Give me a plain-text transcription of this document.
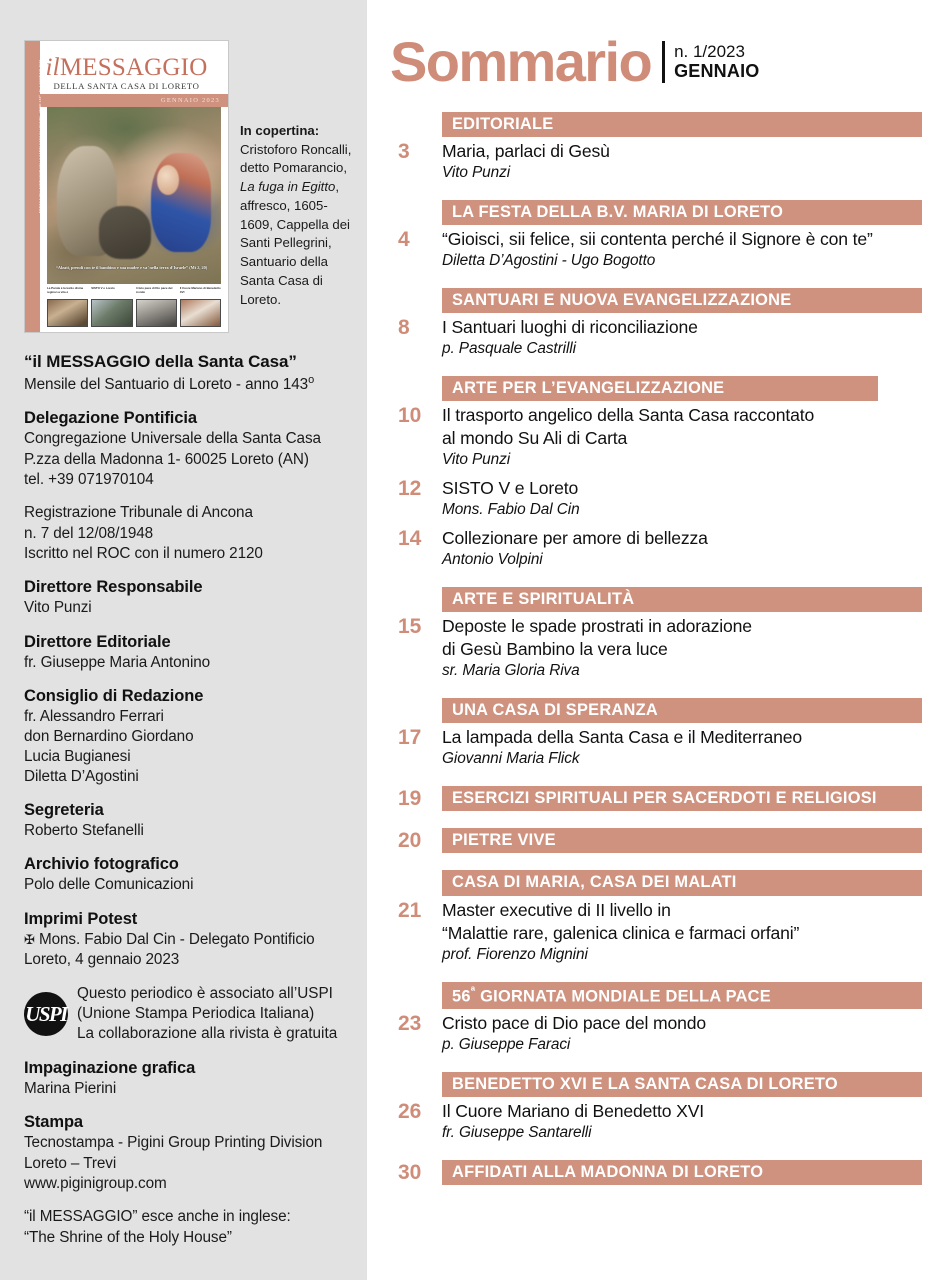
MENSILE DEL SANTUARIO DELLA SANTA CASA DI LORETO · ANNO 143º · N. 1 GENNAIO 2023 ilMESSAGGIO
DELLA SANTA CASA DI LORETO
GENNAIO 2023
“Alzati, prendi con te il bambino e sua madre e va’ nella terra d’Israele” (Mt 2, 20)
La Parola è la lectio divina regina La vita è
SISTO V e Loreto	Cristo pace di Dio pace del mondo
Il Cuore Mariano di Benedetto XVI
In copertina: Cristoforo Roncalli, detto Pomarancio, La fuga in Egitto, affresco, 1605-1609, Cappella dei Santi Pellegrini, Santuario della Santa Casa di Loreto.
“il MESSAGGIO della Santa Casa”
Mensile del Santuario di Loreto - anno 143$^o$
Delegazione Pontificia
Congregazione Universale della Santa Casa
P.zza della Madonna 1- 60025 Loreto (AN)
tel. +39 071970104
Registrazione Tribunale di Ancona
n. 7 del 12/08/1948
Iscritto nel ROC con il numero 2120
Direttore Responsabile
Vito Punzi
Direttore Editoriale
fr. Giuseppe Maria Antonino
Consiglio di Redazione
fr. Alessandro Ferrari
don Bernardino Giordano
Lucia Bugianesi
Diletta D’Agostini
Segreteria
Roberto Stefanelli
Archivio fotografico
Polo delle Comunicazioni
Imprimi Potest
✠ Mons. Fabio Dal Cin - Delegato Pontificio
Loreto, 4 gennaio 2023
USPI
Questo periodico è associato all’USPI
(Unione Stampa Periodica Italiana)
La collaborazione alla rivista è gratuita
Impaginazione grafica
Marina Pierini
Stampa
Tecnostampa - Pigini Group Printing Division
Loreto – Trevi
www.piginigroup.com
“il MESSAGGIO” esce anche in inglese:
“The Shrine of the Holy House”
Sommario n. 1/2023
GENNAIO
EDITORIALE
3	Maria, parlaci di Gesù
Vito Punzi
LA FESTA DELLA B.V. MARIA DI LORETO
4	“Gioisci, sii felice, sii contenta perché il Signore è con te”
Diletta D’Agostini - Ugo Bogotto
SANTUARI E NUOVA EVANGELIZZAZIONE
8	I Santuari luoghi di riconciliazione
p. Pasquale Castrilli
ARTE PER L’EVANGELIZZAZIONE
10	Il trasporto angelico della Santa Casa raccontato
al mondo Su Ali di Carta
Vito Punzi
12	SISTO V e Loreto
Mons. Fabio Dal Cin
14	Collezionare per amore di bellezza
Antonio Volpini
ARTE E SPIRITUALITÀ
15	Deposte le spade prostrati in adorazione
di Gesù Bambino la vera luce
sr. Maria Gloria Riva
UNA CASA DI SPERANZA
17	La lampada della Santa Casa e il Mediterraneo
Giovanni Maria Flick
19	ESERCIZI SPIRITUALI PER SACERDOTI E RELIGIOSI
20	PIETRE VIVE
CASA DI MARIA, CASA DEI MALATI
21	Master executive di II livello in
“Malattie rare, galenica clinica e farmaci orfani”
prof. Fiorenzo Mignini
$56^ª$ GIORNATA MONDIALE DELLA PACE
23	Cristo pace di Dio pace del mondo
p. Giuseppe Faraci
BENEDETTO XVI E LA SANTA CASA DI LORETO
26	Il Cuore Mariano di Benedetto XVI
fr. Giuseppe Santarelli
30	AFFIDATI ALLA MADONNA DI LORETO
